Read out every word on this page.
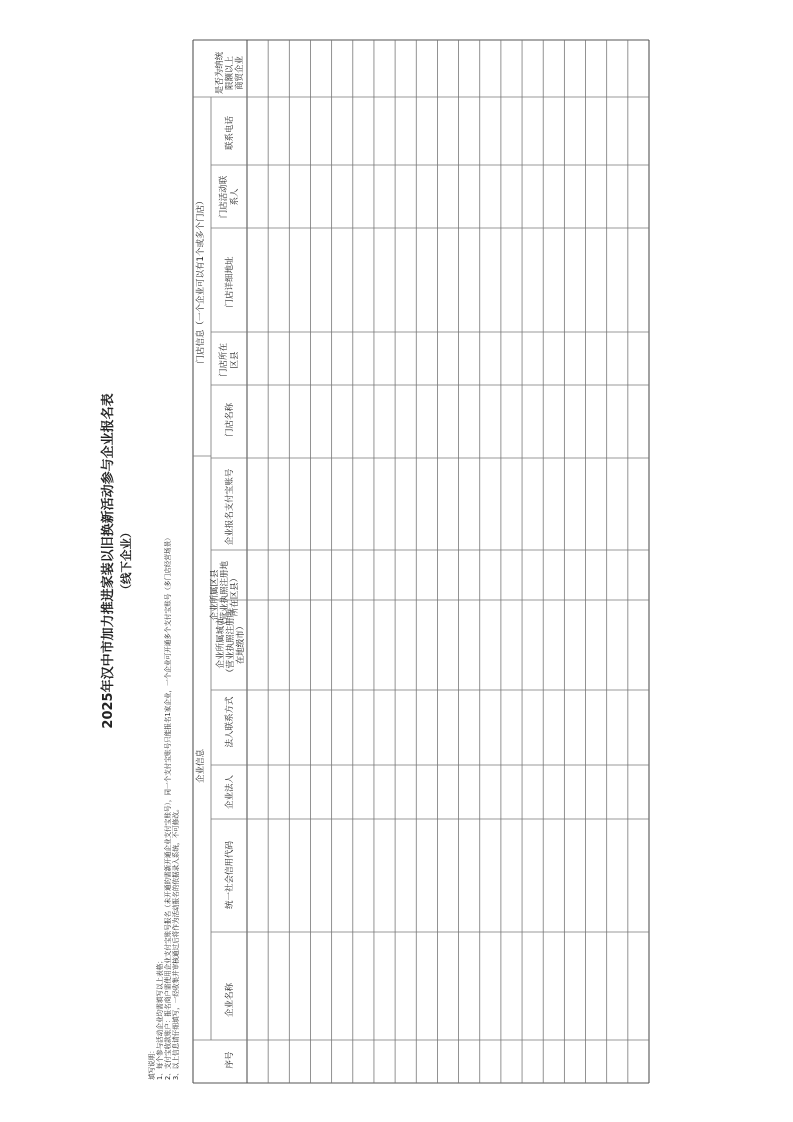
2025年汉中市加力推进家装以旧换新活动参与企业报名表 （线下企业）
填写说明： 1、每个参与活动企业均需填写以上表格； 2、支付宝收款账户：报名商户需使用企业支付宝账号报名（未开通的需新开通企业支付宝账号），同一个支付宝账号只能报名1家企业，一个企业可开通多个支付宝账号（多门店经营场景） 3、以上信息请仔细填写，一经收集并审核通过后将作为活动报名的依据录入系统，不可修改。
企业信息
门店信息（一个企业可以有1个或多个门店）
序号
企业名称
统一社会信用代码
企业法人
法人联系方式
企业所属城市 （营业执照注册所 在地级市）
企业所属区县 （营业执照注册地 所在区县）
企业报名支付宝账号
门店名称
门店所在 区县
门店详细地址
门店活动联 系人
联系电话
是否为纳统 限额以上 商贸企业
